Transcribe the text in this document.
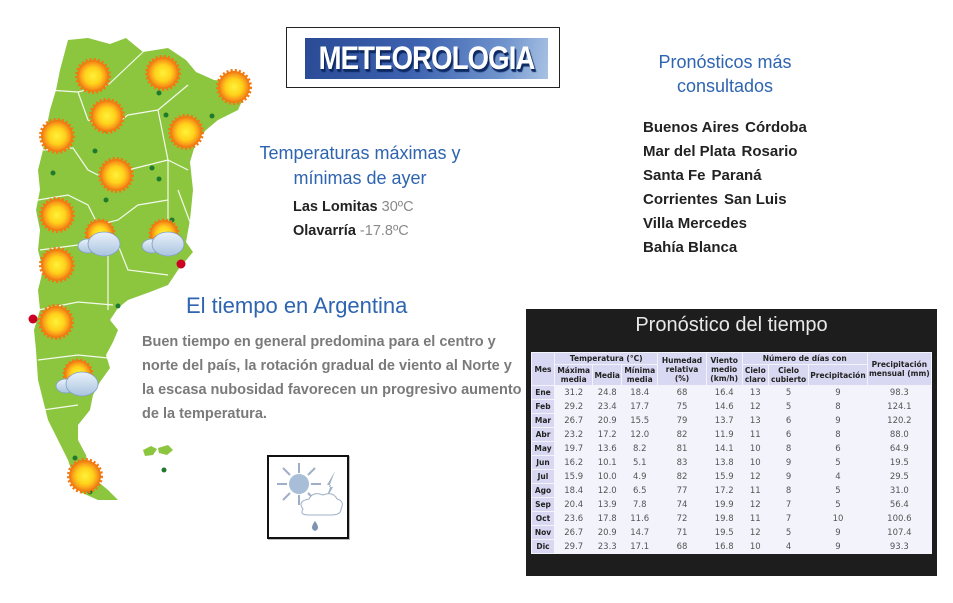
METEOROLOGIA
Temperaturas máximas y
mínimas de ayer
Las Lomitas 30ºC
Olavarría -17.8ºC
Pronósticos más
consultados
Buenos Aires Córdoba
Mar del Plata Rosario
Santa Fe Paraná
Corrientes San Luis
Villa Mercedes
Bahía Blanca
El tiempo en Argentina
Buen tiempo en general predomina para el centro y norte del país, la rotación gradual de viento al Norte y la escasa nubosidad favorecen un progresivo aumento de la temperatura.
Pronóstico del tiempo
Mes	Temperatura (°C)			Humedad relativa (%)	Viento medio (km/h)	Número de días con			Precipitación mensual (mm)
	Máxima media	Media	Mínima media			Cielo claro	Cielo cubierto	Precipitación	
Ene	31.2	24.8	18.4	68	16.4	13	5	9	98.3
Feb	29.2	23.4	17.7	75	14.6	12	5	8	124.1
Mar	26.7	20.9	15.5	79	13.7	13	6	9	120.2
Abr	23.2	17.2	12.0	82	11.9	11	6	8	88.0
May	19.7	13.6	8.2	81	14.1	10	8	6	64.9
Jun	16.2	10.1	5.1	83	13.8	10	9	5	19.5
Jul	15.9	10.0	4.9	82	15.9	12	9	4	29.5
Ago	18.4	12.0	6.5	77	17.2	11	8	5	31.0
Sep	20.4	13.9	7.8	74	19.9	12	7	5	56.4
Oct	23.6	17.8	11.6	72	19.8	11	7	10	100.6
Nov	26.7	20.9	14.7	71	19.5	12	5	9	107.4
Dic	29.7	23.3	17.1	68	16.8	10	4	9	93.3
